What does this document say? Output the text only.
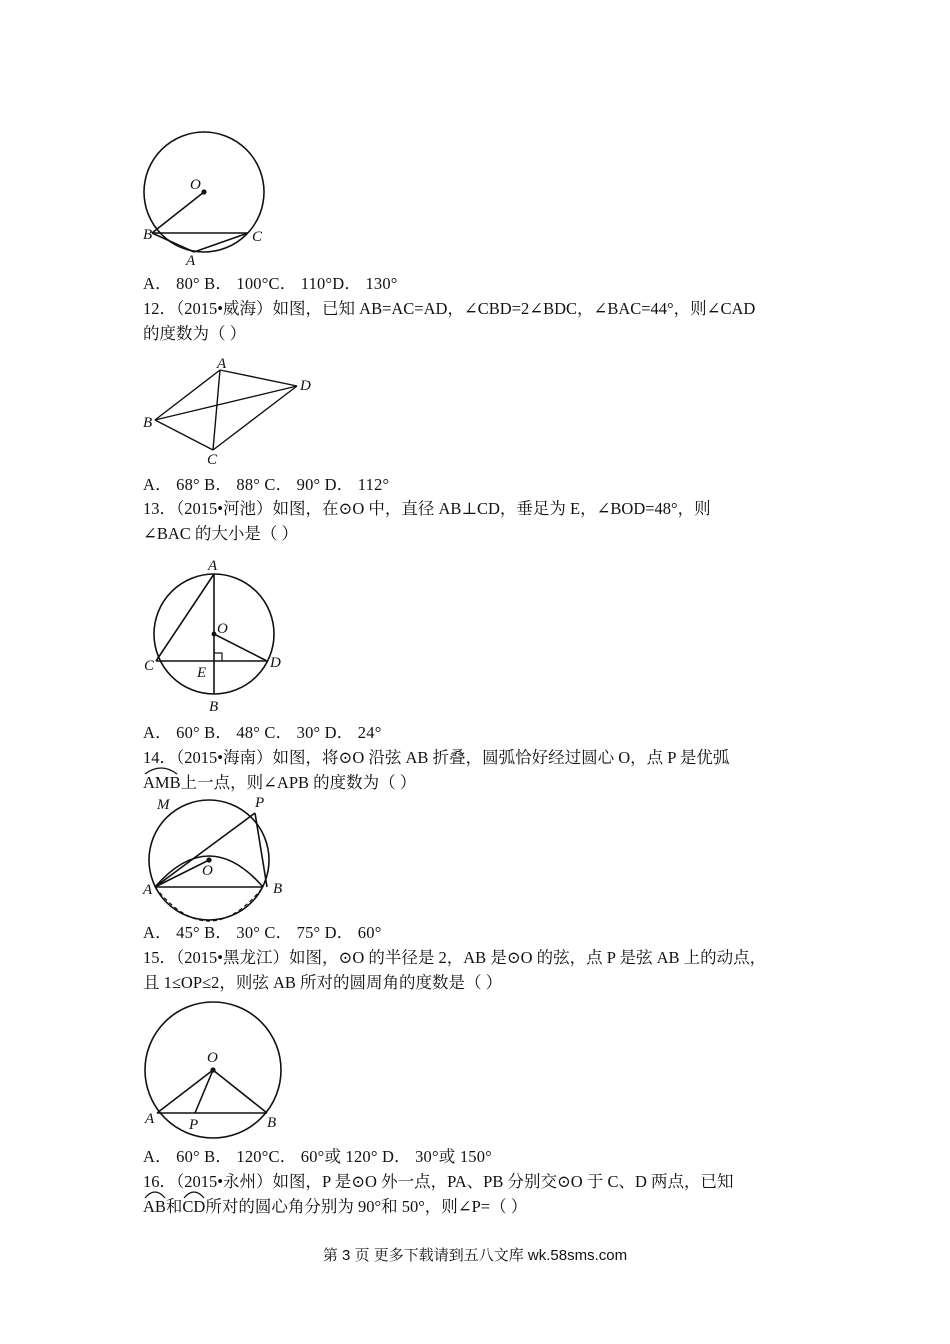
O
B	C
A
A． 80° B． 100°C． 110°D． 130°
12．（2015•威海）如图，已知 AB=AC=AD，∠CBD=2∠BDC，∠BAC=44°，则∠CAD
的度数为（ ）
A
D
B
C
A． 68° B． 88° C． 90° D． 112°
13．（2015•河池）如图，在⊙O 中，直径 AB⊥CD，垂足为 E，∠BOD=48°，则
∠BAC 的大小是（ ）
A
O
C	D
E
B
A． 60° B． 48° C． 30° D． 24°
14．（2015•海南）如图，将⊙O 沿弦 AB 折叠，圆弧恰好经过圆心 O，点 P 是优弧
AMB上一点，则∠APB 的度数为（ ）
M	P
O
A	B
A． 45° B． 30° C． 75° D． 60°
15．（2015•黑龙江）如图，⊙O 的半径是 2，AB 是⊙O 的弦，点 P 是弦 AB 上的动点，
且 1≤OP≤2，则弦 AB 所对的圆周角的度数是（ ）
O
A P	B
A． 60° B． 120°C． 60°或 120° D． 30°或 150°
16．（2015•永州）如图，P 是⊙O 外一点，PA、PB 分别交⊙O 于 C、D 两点，已知
AB和
CD所对的圆心角分别为 90°和 50°，则∠P=（ ）
第 3 页 更多下载请到五八文库 wk.58sms.com
